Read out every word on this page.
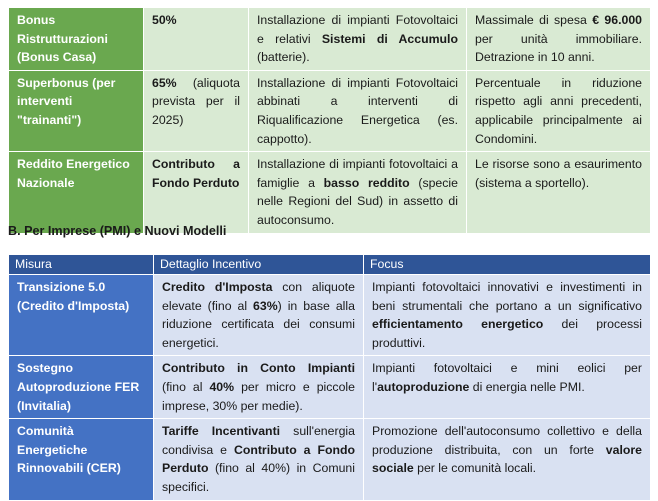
Bonus Ristrutturazioni (Bonus Casa)	50%	Installazione di impianti Fotovoltaici e relativi Sistemi di Accumulo (batterie).	Massimale di spesa € 96.000 per unità immobiliare. Detrazione in 10 anni.
Superbonus (per interventi "trainanti")	65% (aliquota prevista per il 2025)	Installazione di impianti Fotovoltaici abbinati a interventi di Riqualificazione Energetica (es. cappotto).	Percentuale in riduzione rispetto agli anni precedenti, applicabile principalmente ai Condomini.
Reddito Energetico Nazionale	Contributo a Fondo Perduto	Installazione di impianti fotovoltaici a famiglie a basso reddito (specie nelle Regioni del Sud) in assetto di autoconsumo.	Le risorse sono a esaurimento (sistema a sportello).
B. Per Imprese (PMI) e Nuovi Modelli
Misura	Dettaglio Incentivo	Focus
Transizione 5.0 (Credito d'Imposta)	Credito d'Imposta con aliquote elevate (fino al 63%) in base alla riduzione certificata dei consumi energetici.	Impianti fotovoltaici innovativi e investimenti in beni strumentali che portano a un significativo efficientamento energetico dei processi produttivi.
Sostegno Autoproduzione FER (Invitalia)	Contributo in Conto Impianti (fino al 40% per micro e piccole imprese, 30% per medie).	Impianti fotovoltaici e mini eolici per l'autoproduzione di energia nelle PMI.
Comunità Energetiche Rinnovabili (CER)	Tariffe Incentivanti sull'energia condivisa e Contributo a Fondo Perduto (fino al 40%) in Comuni specifici.	Promozione dell'autoconsumo collettivo e della produzione distribuita, con un forte valore sociale per le comunità locali.
